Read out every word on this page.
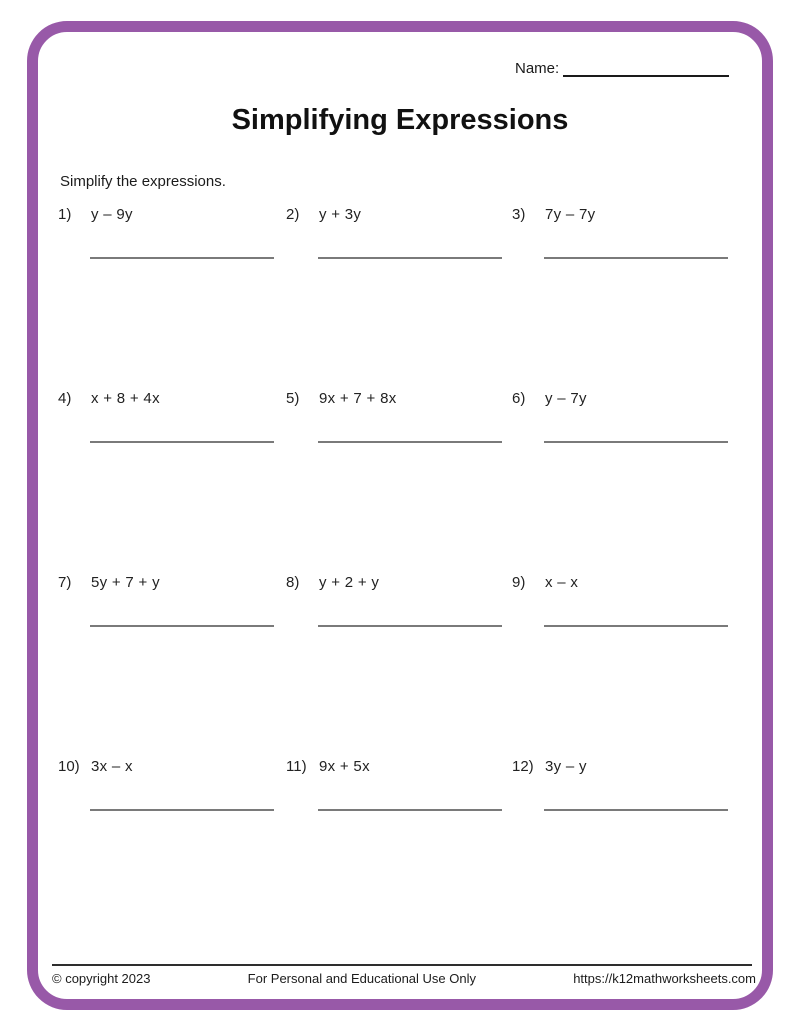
Name:
Simplifying Expressions
Simplify the expressions.
1)	y – 9y	2)	y + 3y	3)	7y – 7y
4)	x + 8 + 4x	5)	9x + 7 + 8x	6)	y – 7y
7)	5y + 7 + y	8)	y + 2 + y	9)	x – x
10) 3x – x	11) 9x + 5x	12) 3y – y
© copyright 2023	For Personal and Educational Use Only	https://k12mathworksheets.com
